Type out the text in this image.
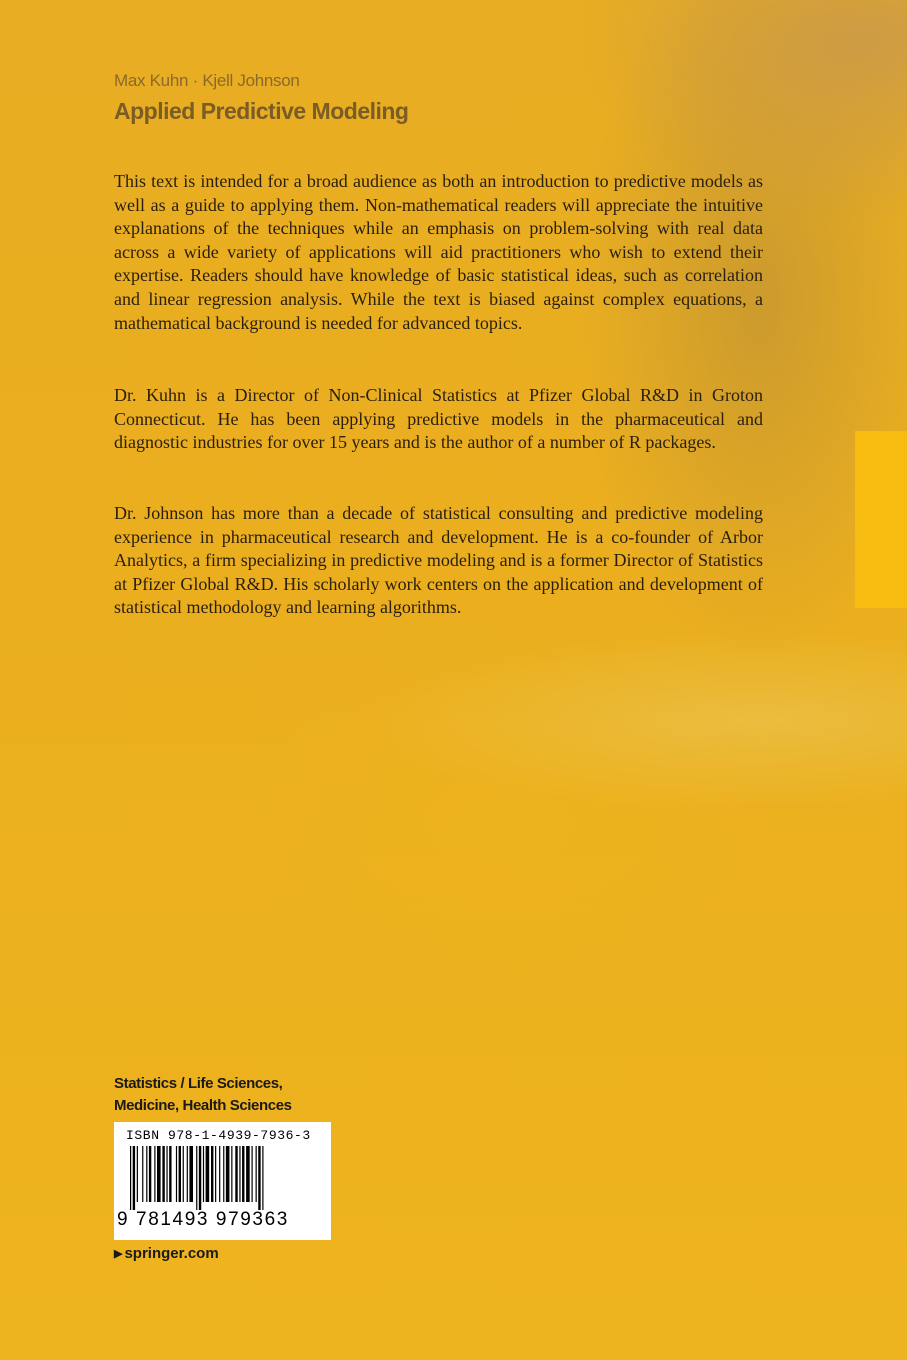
Max Kuhn · Kjell Johnson
Applied Predictive Modeling

This text is intended for a broad audience as both an introduction to predictive models as well as a guide to applying them. Non-mathematical readers will appreciate the intuitive explanations of the techniques while an emphasis on problem-solving with real data across a wide variety of applications will aid practitioners who wish to extend their expertise. Readers should have knowledge of basic statistical ideas, such as correlation and linear regression analysis. While the text is biased against complex equations, a mathematical background is needed for advanced topics.

Dr. Kuhn is a Director of Non-Clinical Statistics at Pfizer Global R&D in Groton Connecticut. He has been applying predictive models in the pharmaceutical and diagnostic industries for over 15 years and is the author of a number of R packages.

Dr. Johnson has more than a decade of statistical consulting and predictive modeling experience in pharmaceutical research and development. He is a co-founder of Arbor Analytics, a firm specializing in predictive modeling and is a former Director of Statistics at Pfizer Global R&D. His scholarly work centers on the application and development of statistical methodology and learning algorithms.

Statistics / Life Sciences,
Medicine, Health Sciences
ISBN 978-1-4939-7936-3
9 781493 979363
▶ springer.com
